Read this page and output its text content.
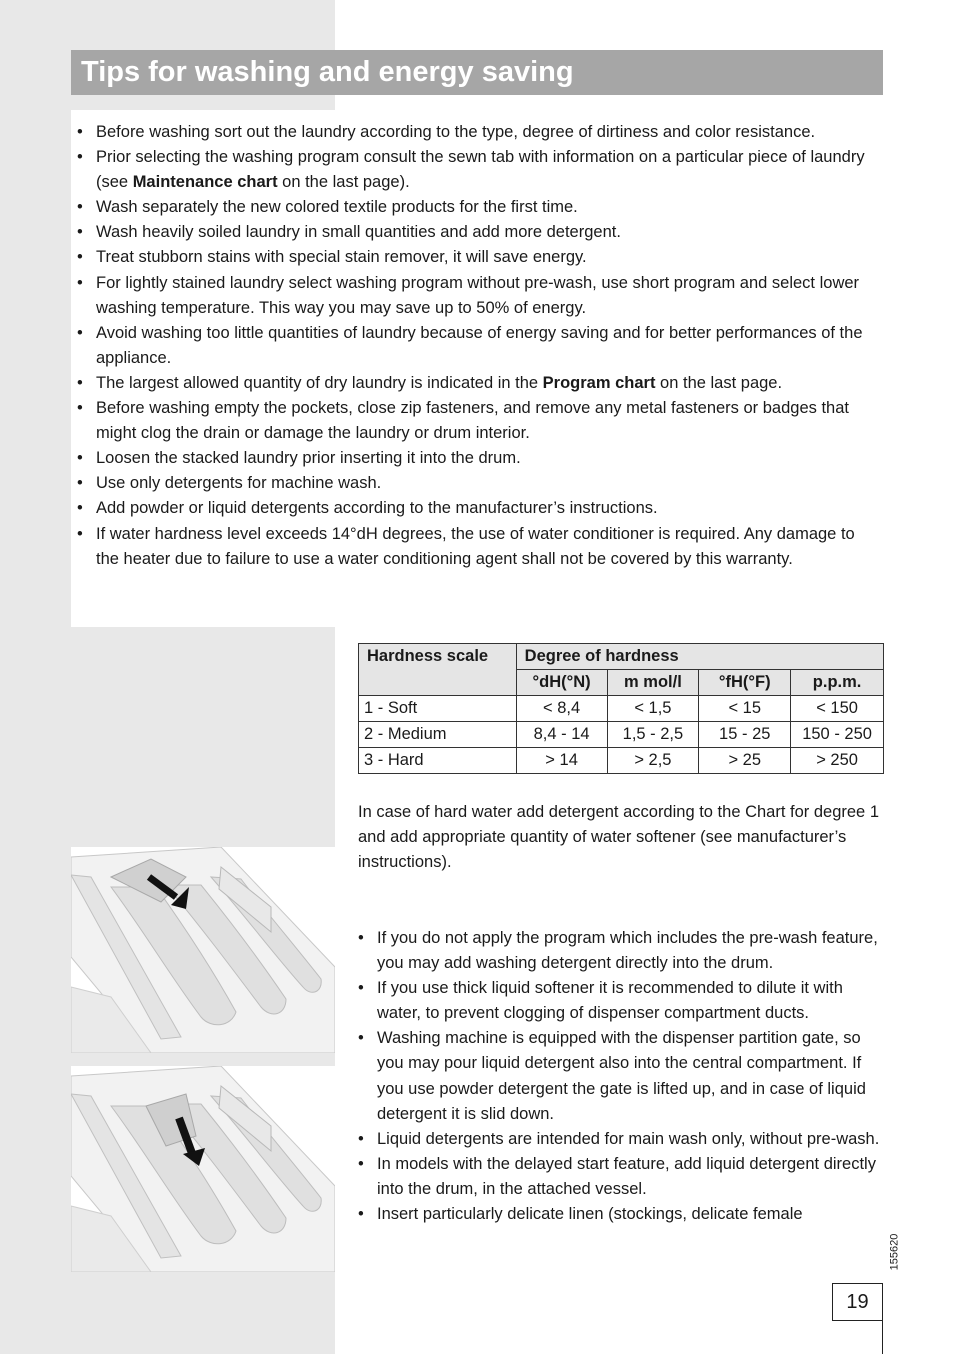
Tips for washing and energy saving
• Before washing sort out the laundry according to the type, degree of dirtiness and color resistance.
• Prior selecting the washing program consult the sewn tab with information on a particular piece of laundry (see Maintenance chart on the last page).
• Wash separately the new colored textile products for the first time.
• Wash heavily soiled laundry in small quantities and add more detergent.
• Treat stubborn stains with special stain remover, it will save energy.
• For lightly stained laundry select washing program without pre-wash, use short program and select lower washing temperature. This way you may save up to 50% of energy.
• Avoid washing too little quantities of laundry because of energy saving and for better performances of the appliance.
• The largest allowed quantity of dry laundry is indicated in the Program chart on the last page.
• Before washing empty the pockets, close zip fasteners, and remove any metal fasteners or badges that might clog the drain or damage the laundry or drum interior.
• Loosen the stacked laundry prior inserting it into the drum.
• Use only detergents for machine wash.
• Add powder or liquid detergents according to the manufacturer’s instructions.
• If water hardness level exceeds 14°dH degrees, the use of water conditioner is required. Any damage to the heater due to failure to use a water conditioning agent shall not be covered by this warranty.
Hardness scale	Degree of hardness			
	°dH(°N)	m mol/l	°fH(°F)	p.p.m.
1 - Soft	< 8,4	< 1,5	< 15	< 150
2 - Medium	8,4 - 14	1,5 - 2,5	15 - 25	150 - 250
3 - Hard	> 14	> 2,5	> 25	> 250

In case of hard water add detergent according to the Chart for degree 1 and add appropriate quantity of water softener (see manufacturer’s instructions).

• If you do not apply the program which includes the pre-wash feature, you may add washing detergent directly into the drum.
• If you use thick liquid softener it is recommended to dilute it with water, to prevent clogging of dispenser compartment ducts.
• Washing machine is equipped with the dispenser partition gate, so you may pour liquid detergent also into the central compartment. If you use powder detergent the gate is lifted up, and in case of liquid detergent it is slid down.
• Liquid detergents are intended for main wash only, without pre-wash.
• In models with the delayed start feature, add liquid detergent directly into the drum, in the attached vessel.
• Insert particularly delicate linen (stockings, delicate female
155620
19
